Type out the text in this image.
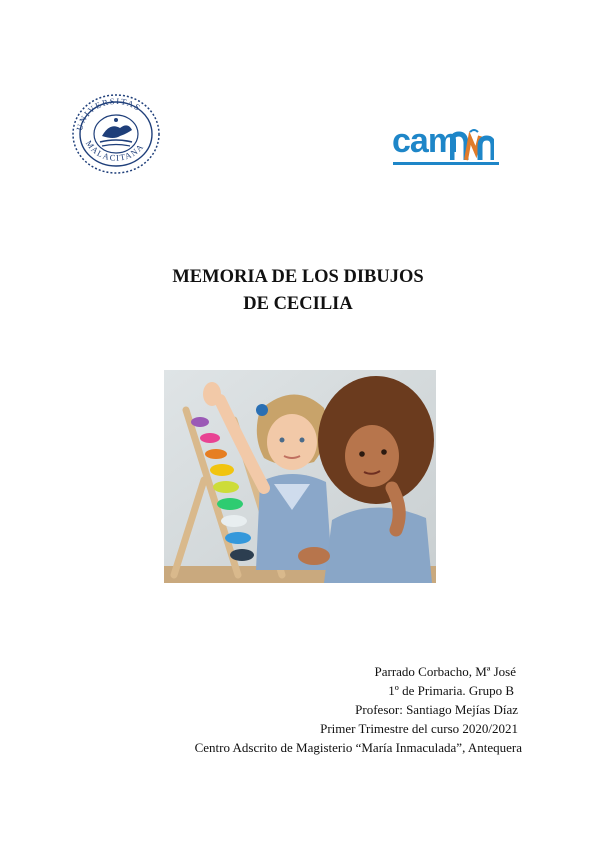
UNIVERSITAS
MALACITANA	cam
MEMORIA DE LOS DIBUJOS
DE CECILIA
Parrado Corbacho, Mª José
1º de Primaria. Grupo B
Profesor: Santiago Mejías Díaz
Primer Trimestre del curso 2020/2021
Centro Adscrito de Magisterio “María Inmaculada”, Antequera
